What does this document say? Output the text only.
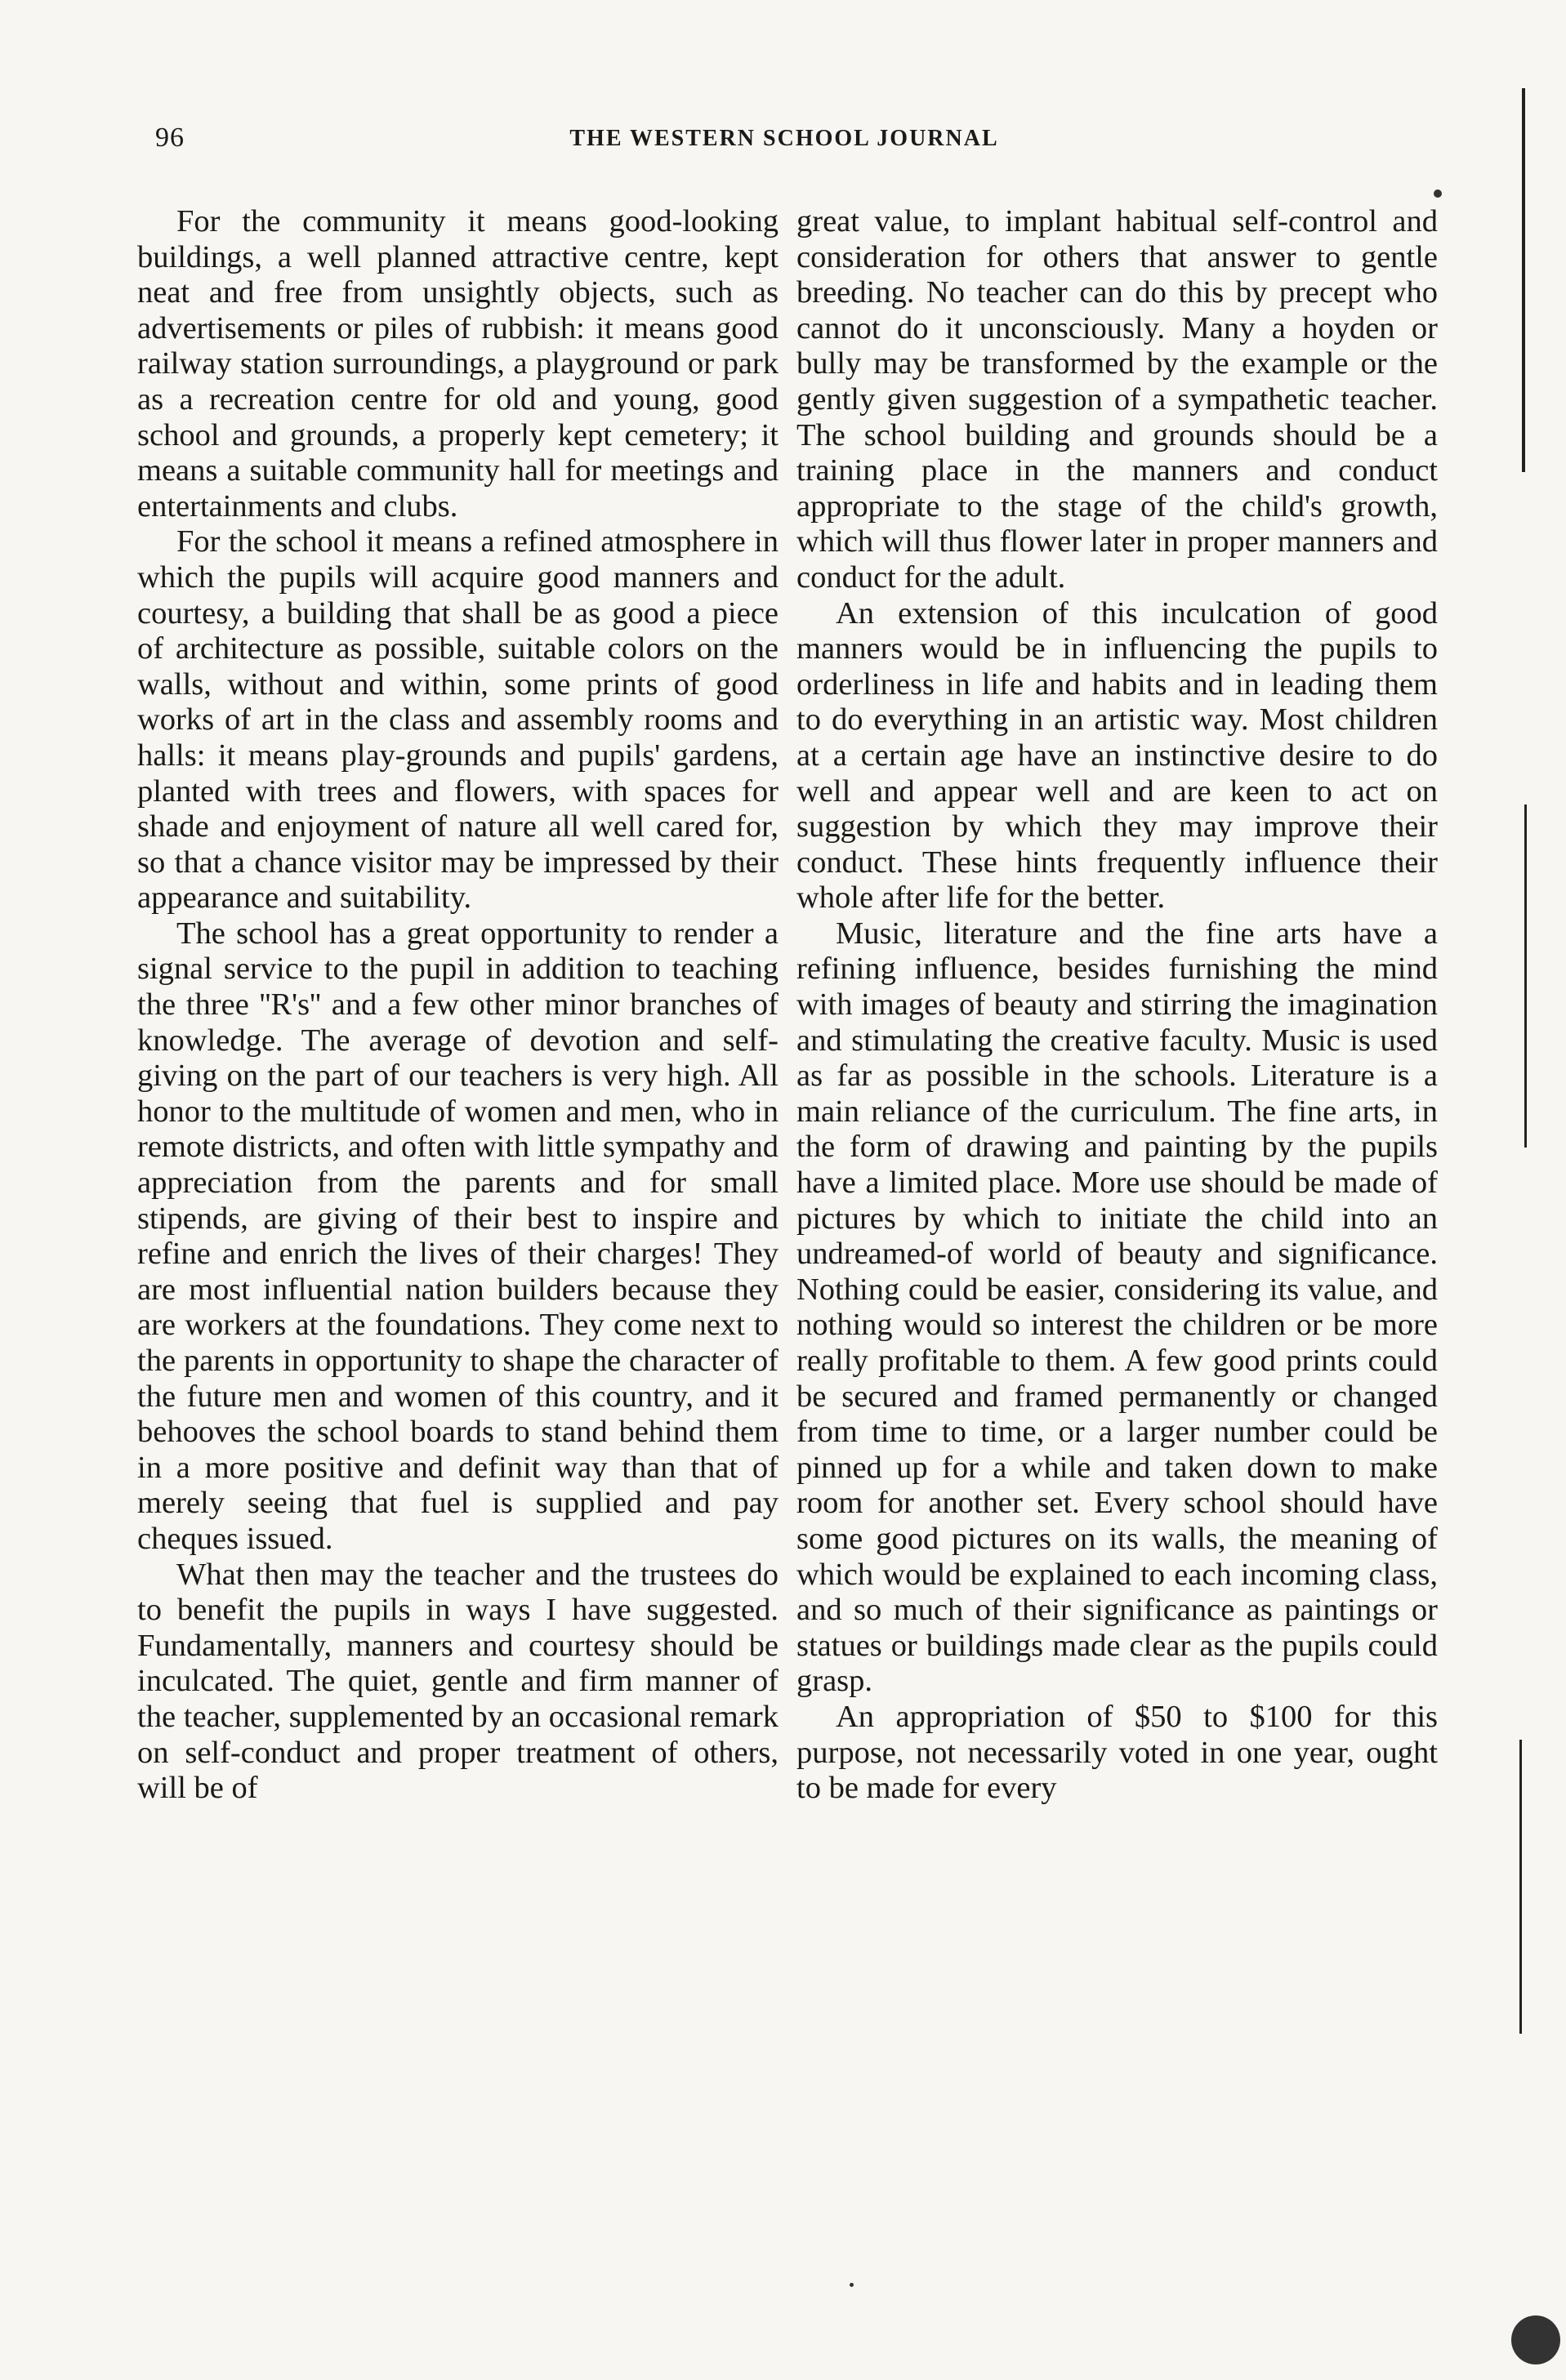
96	THE WESTERN SCHOOL JOURNAL

For the community it means good-looking buildings, a well planned attractive centre, kept neat and free from unsightly objects, such as advertisements or piles of rubbish: it means good railway station surroundings, a playground or park as a recreation centre for old and young, good school and grounds, a properly kept cemetery; it means a suitable community hall for meetings and entertainments and clubs.

For the school it means a refined atmosphere in which the pupils will acquire good manners and courtesy, a building that shall be as good a piece of architecture as possible, suitable colors on the walls, without and within, some prints of good works of art in the class and assembly rooms and halls: it means play-grounds and pupils' gardens, planted with trees and flowers, with spaces for shade and enjoyment of nature all well cared for, so that a chance visitor may be impressed by their appearance and suitability.

The school has a great opportunity to render a signal service to the pupil in addition to teaching the three ''R's'' and a few other minor branches of knowledge. The average of devotion and self-giving on the part of our teachers is very high. All honor to the multitude of women and men, who in remote districts, and often with little sympathy and appreciation from the parents and for small stipends, are giving of their best to inspire and refine and enrich the lives of their charges! They are most influential nation builders because they are workers at the foundations. They come next to the parents in opportunity to shape the character of the future men and women of this country, and it behooves the school boards to stand behind them in a more positive and definit way than that of merely seeing that fuel is supplied and pay cheques issued.

What then may the teacher and the trustees do to benefit the pupils in ways I have suggested. Fundamentally, manners and courtesy should be inculcated. The quiet, gentle and firm manner of the teacher, supplemented by an occasional remark on self-conduct and proper treatment of others, will be of

great value, to implant habitual self-control and consideration for others that answer to gentle breeding. No teacher can do this by precept who cannot do it unconsciously. Many a hoyden or bully may be transformed by the example or the gently given suggestion of a sympathetic teacher. The school building and grounds should be a training place in the manners and conduct appropriate to the stage of the child's growth, which will thus flower later in proper manners and conduct for the adult.

An extension of this inculcation of good manners would be in influencing the pupils to orderliness in life and habits and in leading them to do everything in an artistic way. Most children at a certain age have an instinctive desire to do well and appear well and are keen to act on suggestion by which they may improve their conduct. These hints frequently influence their whole after life for the better.

Music, literature and the fine arts have a refining influence, besides furnishing the mind with images of beauty and stirring the imagination and stimulating the creative faculty. Music is used as far as possible in the schools. Literature is a main reliance of the curriculum. The fine arts, in the form of drawing and painting by the pupils have a limited place. More use should be made of pictures by which to initiate the child into an undreamed-of world of beauty and significance. Nothing could be easier, considering its value, and nothing would so interest the children or be more really profitable to them. A few good prints could be secured and framed permanently or changed from time to time, or a larger number could be pinned up for a while and taken down to make room for another set. Every school should have some good pictures on its walls, the meaning of which would be explained to each incoming class, and so much of their significance as paintings or statues or buildings made clear as the pupils could grasp.

An appropriation of $50 to $100 for this purpose, not necessarily voted in one year, ought to be made for every
